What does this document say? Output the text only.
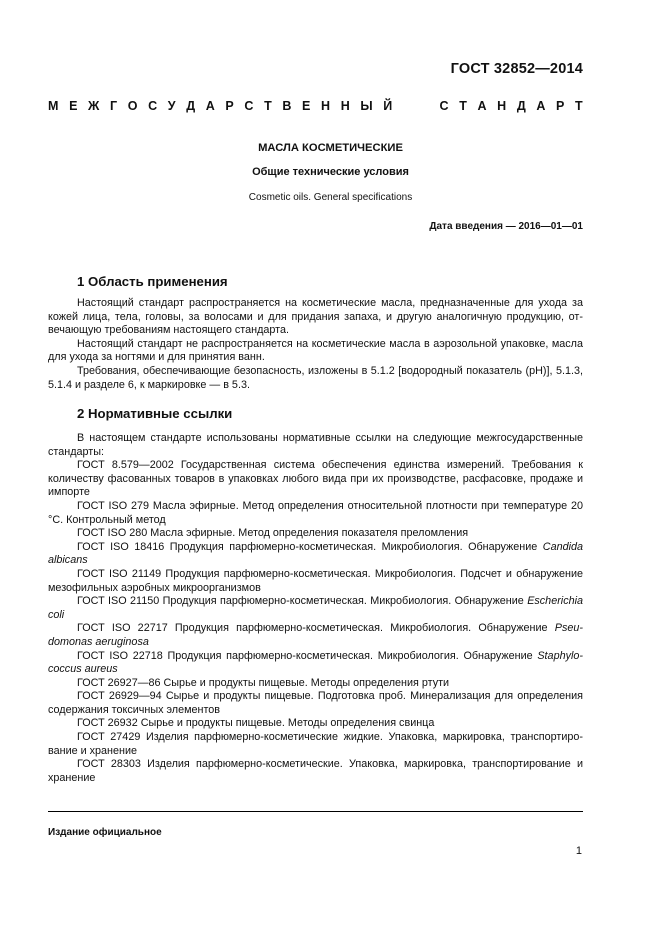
ГОСТ 32852—2014
М Е Ж Г О С У Д А Р С Т В Е Н Н Ы Й	С Т А Н Д А Р Т
МАСЛА КОСМЕТИЧЕСКИЕ
Общие технические условия
Cosmetic oils. General specifications
Дата введения — 2016—01—01
1 Область применения

Настоящий стандарт распространяется на косметические масла, предназначенные для ухода за кожей лица, тела, головы, за волосами и для придания запаха, и другую аналогичную продукцию, отвечающую требованиям настоящего стандарта.

Настоящий стандарт не распространяется на косметические масла в аэрозольной упаковке, масла для ухода за ногтями и для принятия ванн.

Требования, обеспечивающие безопасность, изложены в 5.1.2 [водородный показатель (pH)], 5.1.3, 5.1.4 и разделе 6, к маркировке — в 5.3.

2 Нормативные ссылки

В настоящем стандарте использованы нормативные ссылки на следующие межгосударственные стандарты:

ГОСТ 8.579—2002 Государственная система обеспечения единства измерений. Требования к количеству фасованных товаров в упаковках любого вида при их производстве, расфасовке, продаже и импорте

ГОСТ ISO 279 Масла эфирные. Метод определения относительной плотности при температуре 20 °С. Контрольный метод

ГОСТ ISO 280 Масла эфирные. Метод определения показателя преломления

ГОСТ ISO 18416 Продукция парфюмерно-косметическая. Микробиология. Обнаружение Candida albicans

ГОСТ ISO 21149 Продукция парфюмерно-косметическая. Микробиология. Подсчет и обнаружение мезофильных аэробных микроорганизмов

ГОСТ ISO 21150 Продукция парфюмерно-косметическая. Микробиология. Обнаружение Escherichia coli

ГОСТ ISO 22717 Продукция парфюмерно-косметическая. Микробиология. Обнаружение Pseudomonas aeruginosa

ГОСТ ISO 22718 Продукция парфюмерно-косметическая. Микробиология. Обнаружение Staphylococcus aureus

ГОСТ 26927—86 Сырье и продукты пищевые. Методы определения ртути

ГОСТ 26929—94 Сырье и продукты пищевые. Подготовка проб. Минерализация для определения содержания токсичных элементов

ГОСТ 26932 Сырье и продукты пищевые. Методы определения свинца

ГОСТ 27429 Изделия парфюмерно-косметические жидкие. Упаковка, маркировка, транспортирование и хранение

ГОСТ 28303 Изделия парфюмерно-косметические. Упаковка, маркировка, транспортирование и хранение

Издание официальное
1
